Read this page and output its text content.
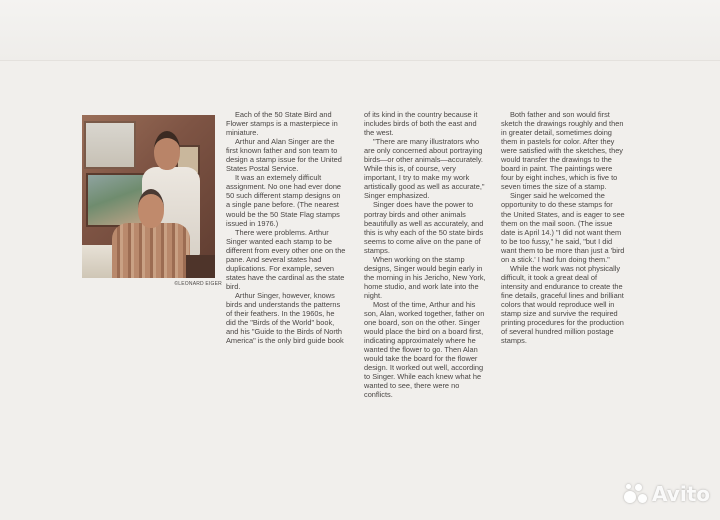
©LEONARD EIGER

Each of the 50 State Bird and Flower stamps is a masterpiece in miniature.

Arthur and Alan Singer are the first known father and son team to design a stamp issue for the United States Postal Service.

It was an extemely difficult assignment. No one had ever done 50 such different stamp designs on a single pane before. (The nearest would be the 50 State Flag stamps issued in 1976.)

There were problems. Arthur Singer wanted each stamp to be different from every other one on the pane. And several states had duplications. For example, seven states have the cardinal as the state bird.

Arthur Singer, however, knows birds and understands the patterns of their feathers. In the 1960s, he did the "Birds of the World" book, and his "Guide to the Birds of North America" is the only bird guide book

of its kind in the country because it includes birds of both the east and the west.

"There are many illustrators who are only concerned about portraying birds—or other animals—accurately. While this is, of course, very important, I try to make my work artistically good as well as accurate," Singer emphasized.

Singer does have the power to portray birds and other animals beautifully as well as accurately, and this is why each of the 50 state birds seems to come alive on the pane of stamps.

When working on the stamp designs, Singer would begin early in the morning in his Jericho, New York, home studio, and work late into the night.

Most of the time, Arthur and his son, Alan, worked together, father on one board, son on the other. Singer would place the bird on a board first, indicating approximately where he wanted the flower to go. Then Alan would take the board for the flower design. It worked out well, according to Singer. While each knew what he wanted to see, there were no conflicts.

Both father and son would first sketch the drawings roughly and then in greater detail, sometimes doing them in pastels for color. After they were satisfied with the sketches, they would transfer the drawings to the board in paint. The paintings were four by eight inches, which is five to seven times the size of a stamp.

Singer said he welcomed the opportunity to do these stamps for the United States, and is eager to see them on the mail soon. (The issue date is April 14.) "I did not want them to be too fussy," he said, "but I did want them to be more than just a 'bird on a stick.' I had fun doing them."

While the work was not physically difficult, it took a great deal of intensity and endurance to create the fine details, graceful lines and brilliant colors that would reproduce well in stamp size and survive the required printing procedures for the production of several hundred million postage stamps.

Avito
